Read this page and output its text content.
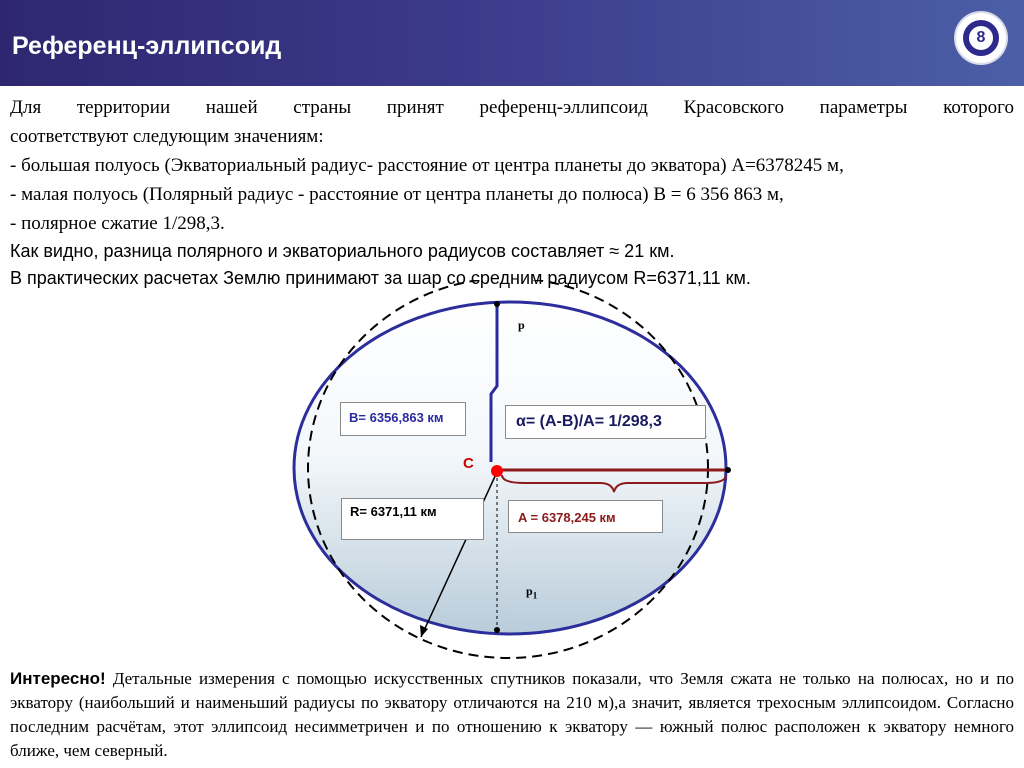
Референц-эллипсоид	8

Для территории нашей страны принят референц-эллипсоид Красовского параметры которого

соответствуют следующим значениям:

- большая полуось (Экваториальный радиус- расстояние от центра планеты до экватора) A=6378245 м,

- малая полуось (Полярный радиус - расстояние от центра планеты до полюса) B = 6 356 863 м,

- полярное сжатие 1/298,3.

Как видно, разница полярного и экваториального радиусов составляет ≈ 21 км.

В практических расчетах Землю принимают за шар со средним радиусом R=6371,11 км.

B= 6356,863 км	α= (A-B)/A= 1/298,3
R= 6371,11 км	A = 6378,245 км
C
p
$p_1$
Интересно! Детальные измерения с помощью искусственных спутников показали, что Земля сжата не только на полюсах, но и по экватору (наибольший и наименьший радиусы по экватору отличаются на 210 м),а значит, является трехосным эллипсоидом. Согласно последним расчётам, этот эллипсоид несимметричен и по отношению к экватору — южный полюс расположен к экватору немного ближе, чем северный.
